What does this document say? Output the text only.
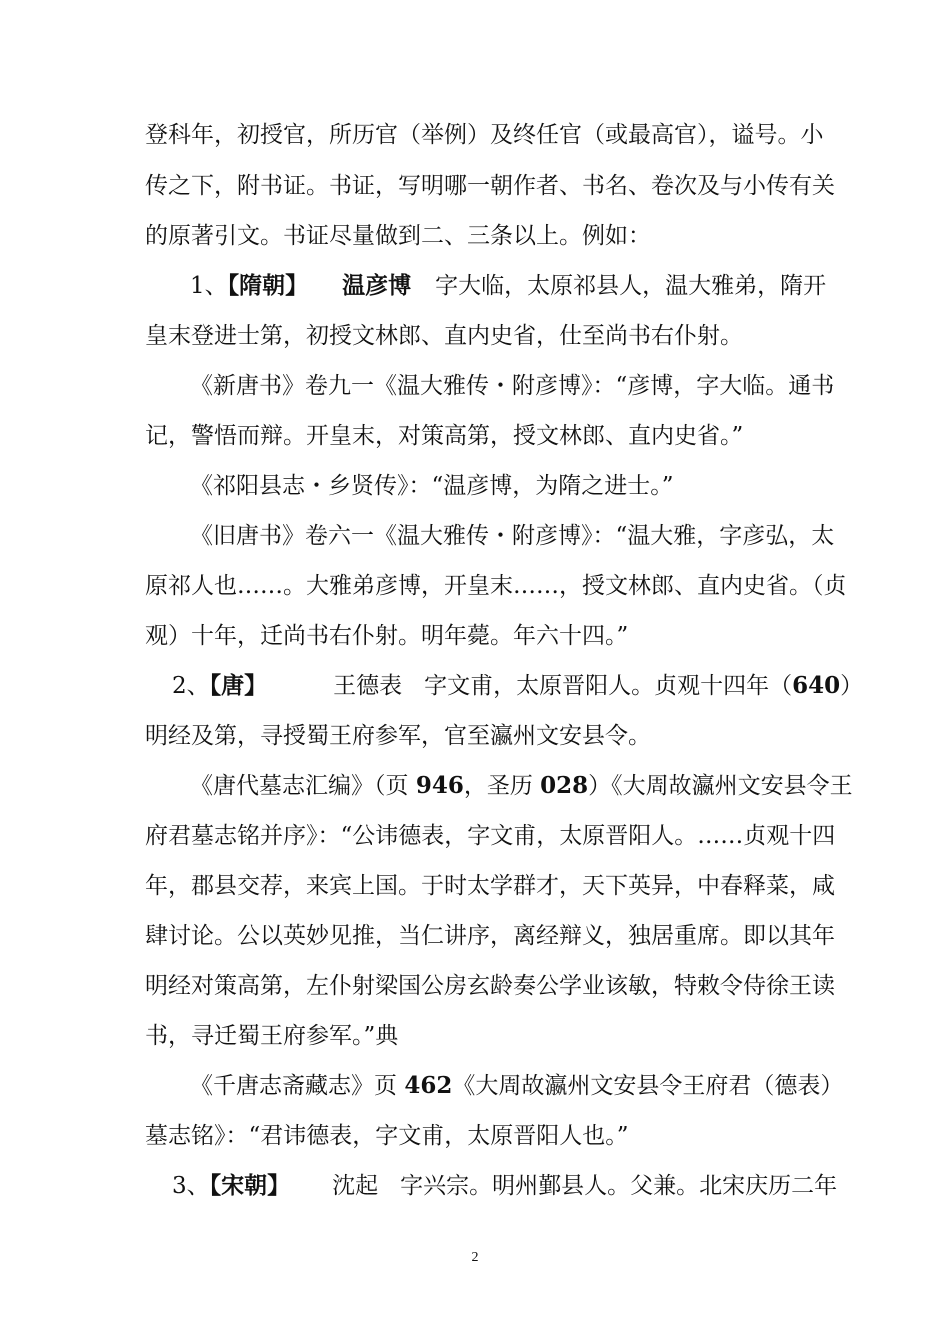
登科年，初授官，所历官（举例）及终任官（或最高官），谥号。小
传之下，附书证。书证，写明哪一朝作者、书名、卷次及与小传有关
的原著引文。书证尽量做到二、三条以上。例如：
1、【隋朝】 温彦博 字大临，太原祁县人，温大雅弟，隋开
皇末登进士第，初授文林郎、直内史省，仕至尚书右仆射。
《新唐书》卷九一《温大雅传・附彦博》：“彦博，字大临。通书
记，警悟而辩。开皇末，对策高第，授文林郎、直内史省。”
《祁阳县志・乡贤传》：“温彦博，为隋之进士。”
《旧唐书》卷六一《温大雅传・附彦博》：“温大雅，字彦弘，太
原祁人也……。大雅弟彦博，开皇末……，授文林郎、直内史省。（贞
观）十年，迁尚书右仆射。明年薨。年六十四。”
2、【唐】	王德表 字文甫，太原晋阳人。贞观十四年（640）
明经及第，寻授蜀王府参军，官至瀛州文安县令。
《唐代墓志汇编》（页 946，圣历 028）《大周故瀛州文安县令王
府君墓志铭并序》：“公讳德表，字文甫，太原晋阳人。……贞观十四
年，郡县交荐，来宾上国。于时太学群才，天下英异，中春释菜，咸
肆讨论。公以英妙见推，当仁讲序，离经辩义，独居重席。即以其年
明经对策高第，左仆射梁国公房玄龄奏公学业该敏，特敕令侍徐王读
书，寻迁蜀王府参军。”典
《千唐志斋藏志》页 462《大周故瀛州文安县令王府君（德表）
墓志铭》：“君讳德表，字文甫，太原晋阳人也。”
3、【宋朝】 沈起 字兴宗。明州鄞县人。父兼。北宋庆历二年
2
